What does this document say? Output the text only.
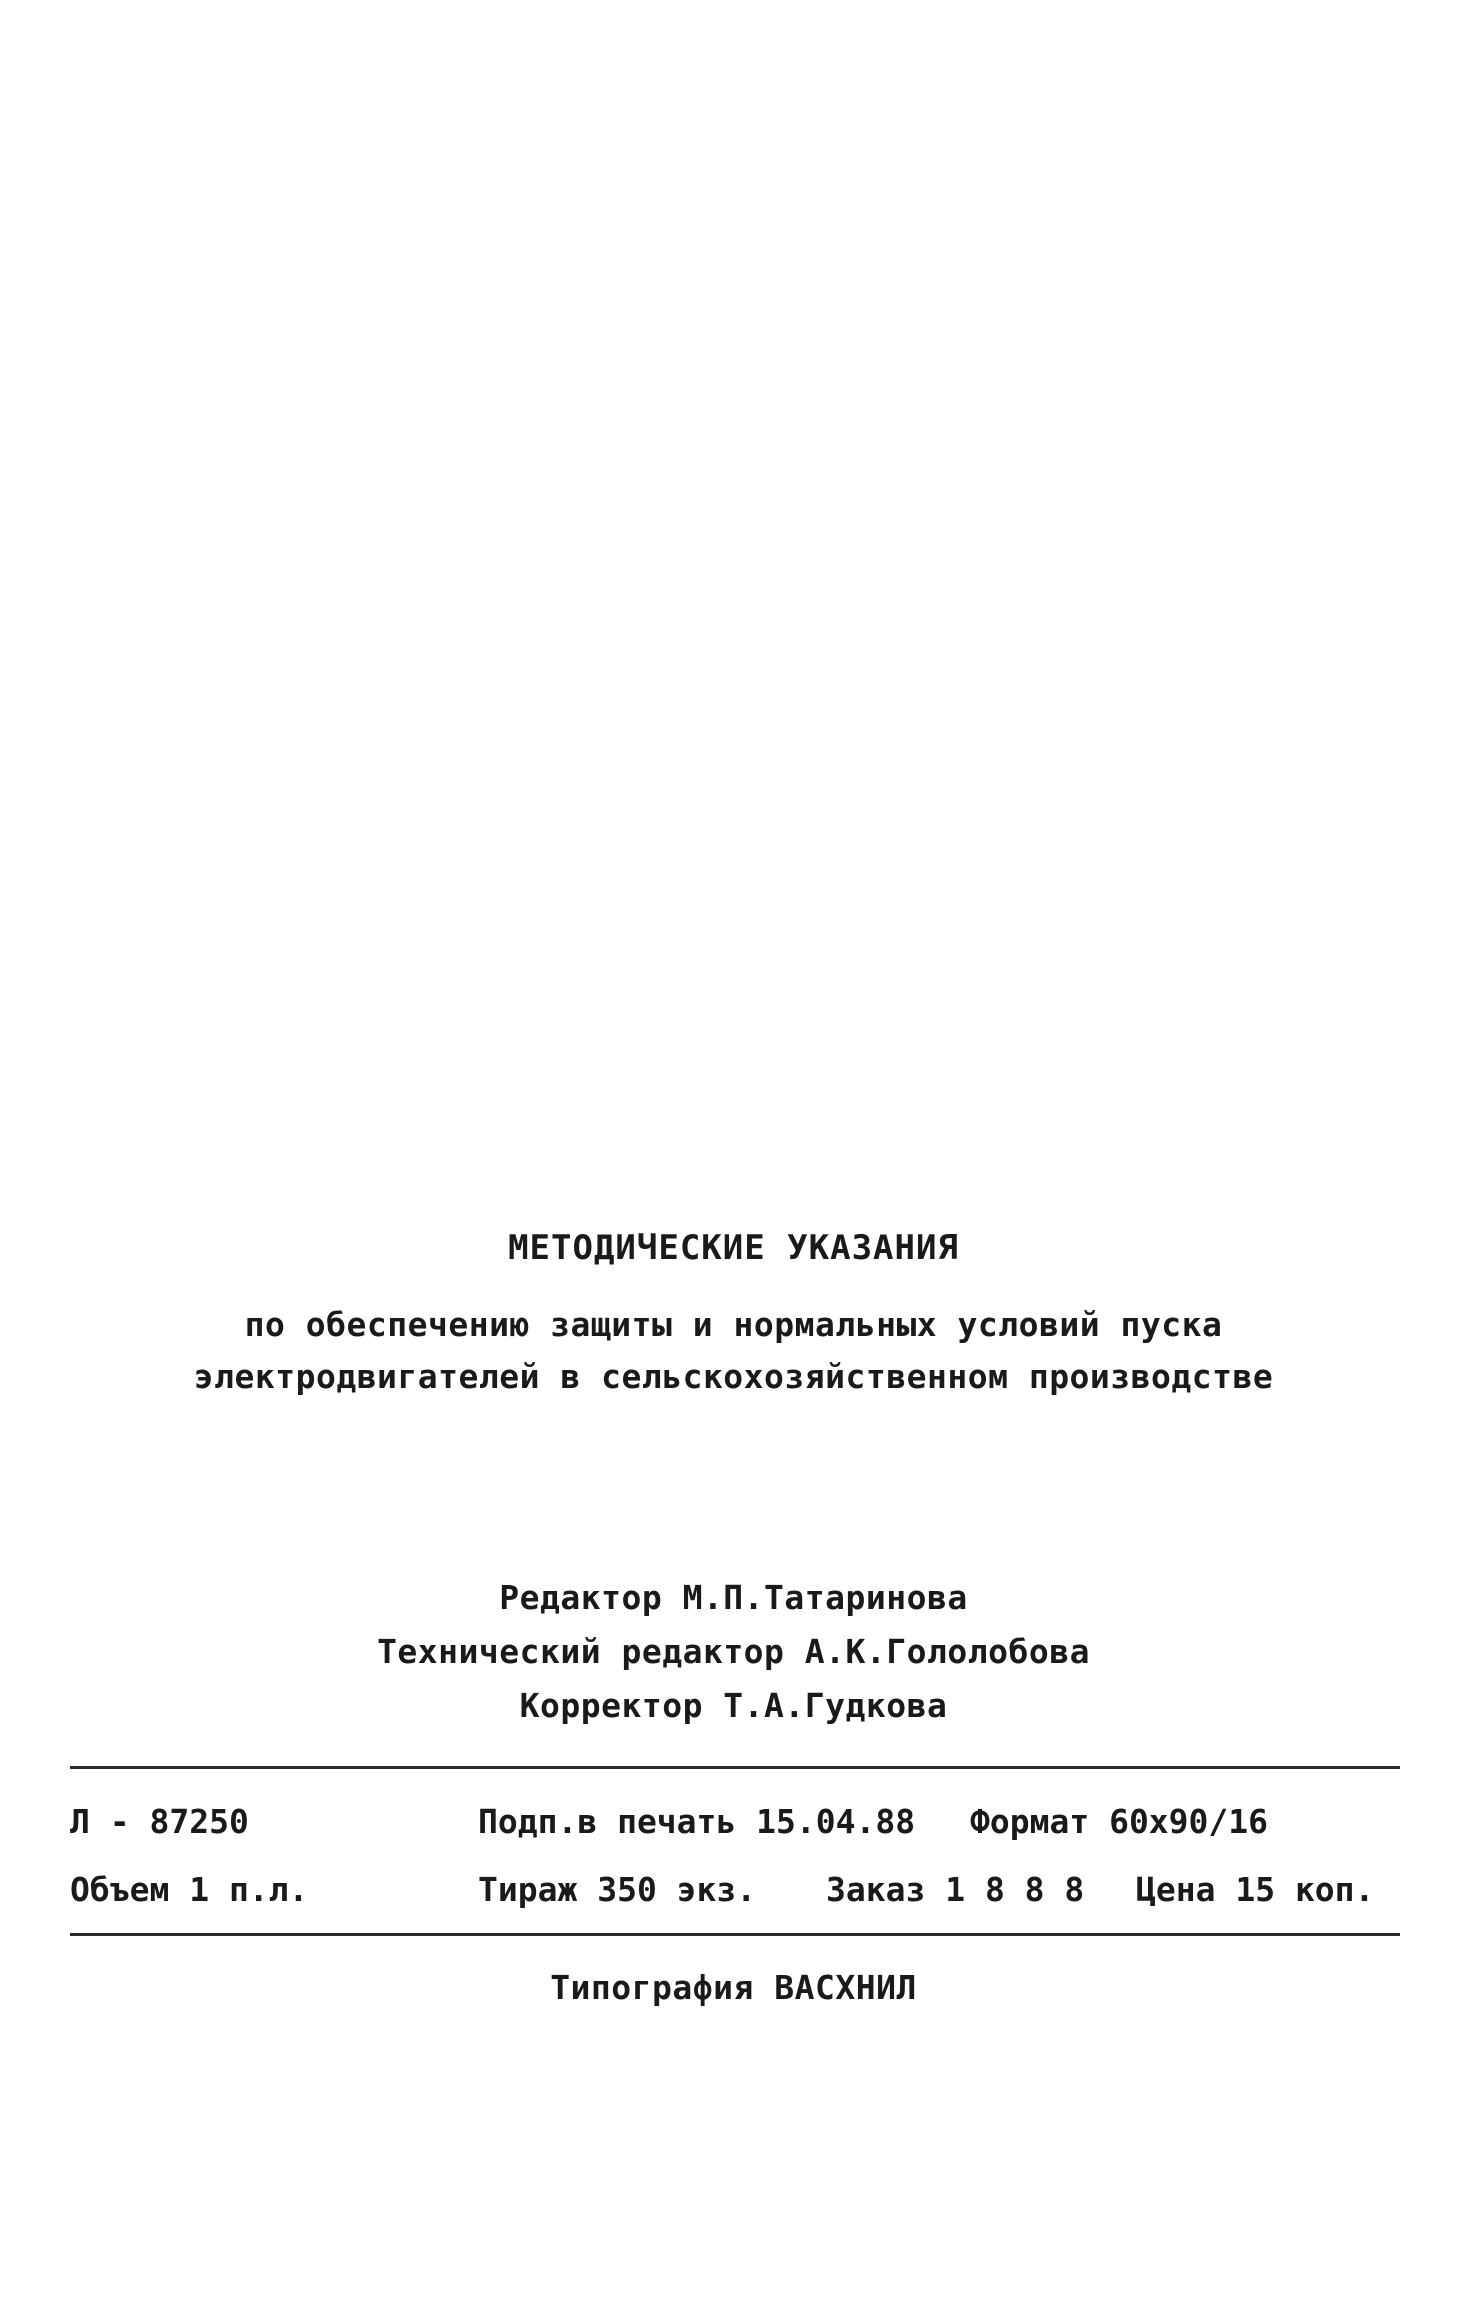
МЕТОДИЧЕСКИЕ УКАЗАНИЯ
по обеспечению защиты и нормальных условий пуска
электродвигателей в сельскохозяйственном производстве
Редактор М.П.Татаринова
Технический редактор А.К.Гололобова
Корректор Т.А.Гудкова
Л - 87250	Подп.в печать 15.04.88 Формат 60х90/16
Объем 1 п.л.	Тираж 350 экз. Заказ 1 8 8 8 Цена 15 коп.
Типография ВАСХНИЛ
